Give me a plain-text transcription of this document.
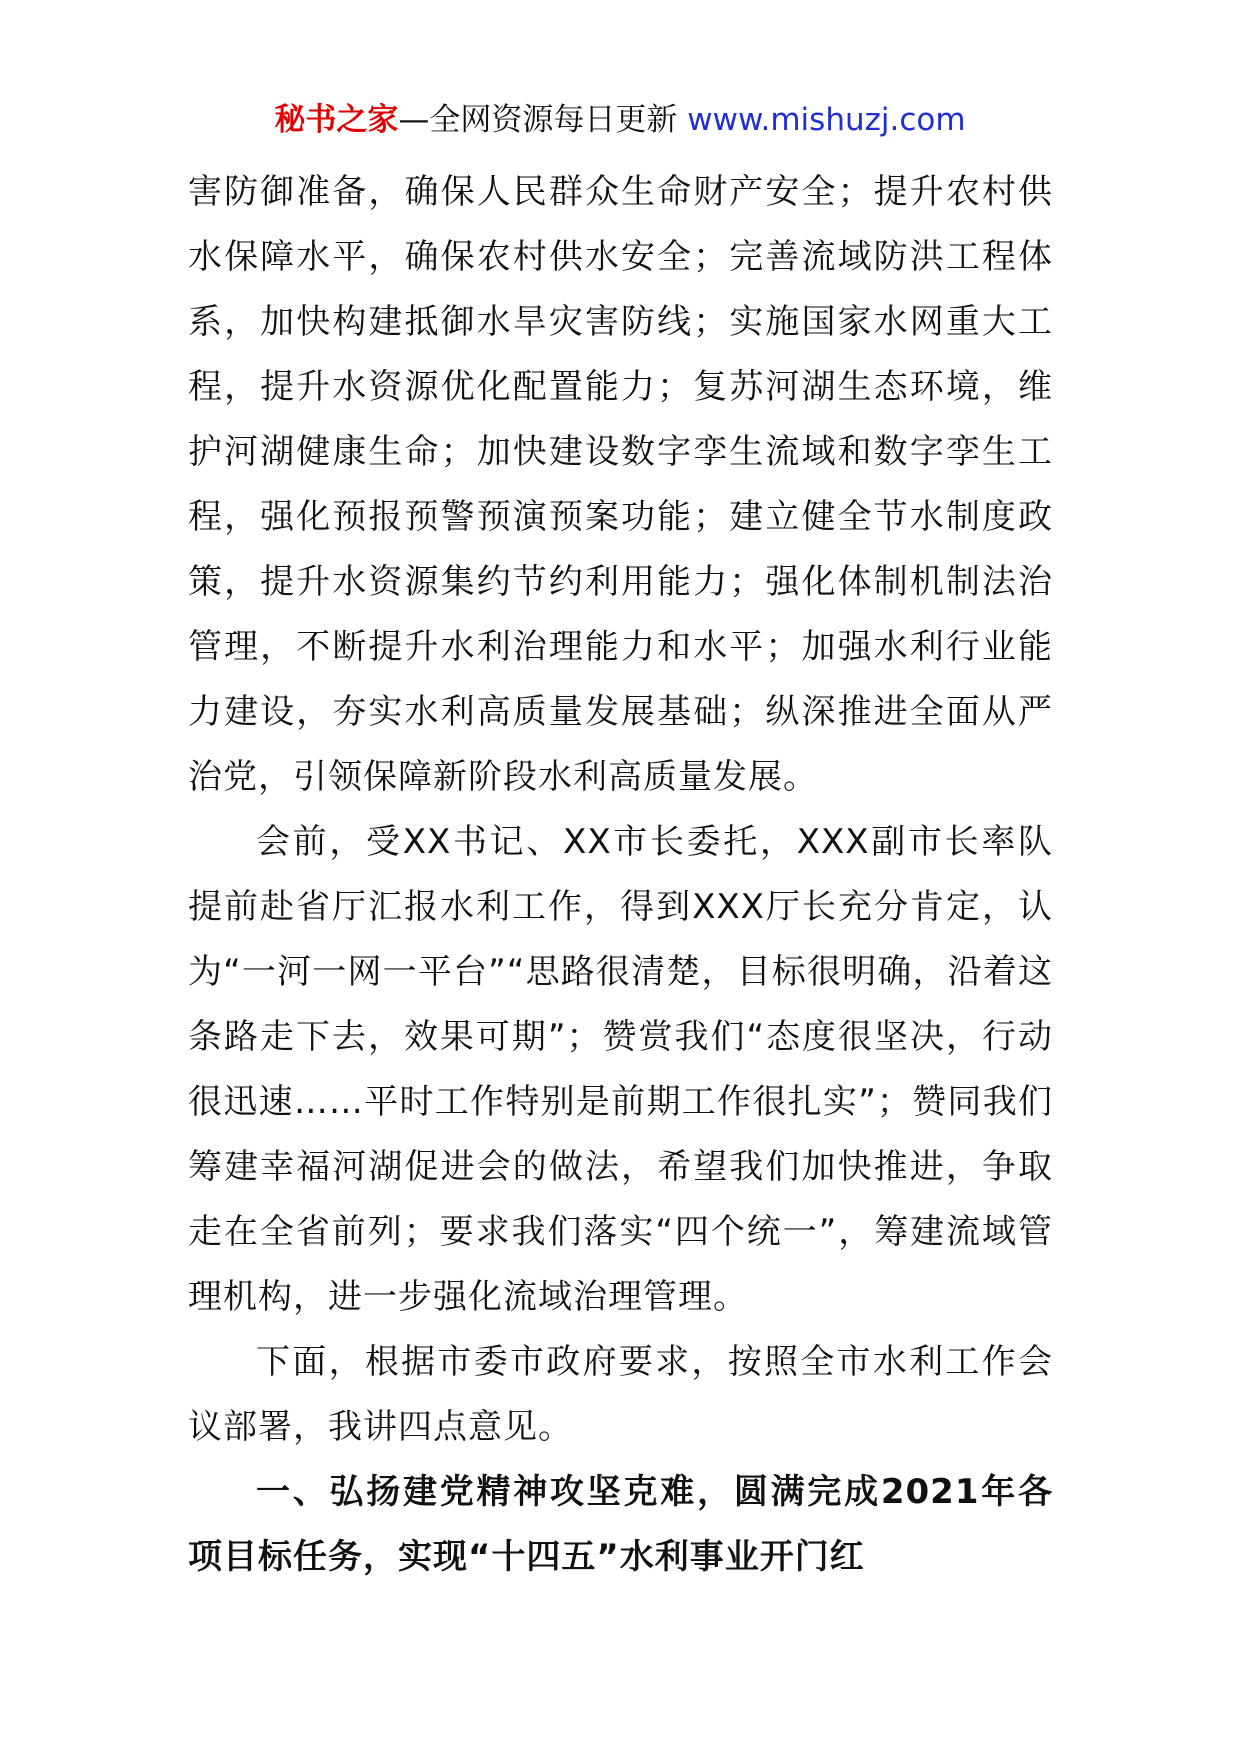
秘书之家—全网资源每日更新 www.mishuzj.com

害防御准备，确保人民群众生命财产安全；提升农村供水保障水平，确保农村供水安全；完善流域防洪工程体系，加快构建抵御水旱灾害防线；实施国家水网重大工程，提升水资源优化配置能力；复苏河湖生态环境，维护河湖健康生命；加快建设数字孪生流域和数字孪生工程，强化预报预警预演预案功能；建立健全节水制度政策，提升水资源集约节约利用能力；强化体制机制法治管理，不断提升水利治理能力和水平；加强水利行业能力建设，夯实水利高质量发展基础；纵深推进全面从严治党，引领保障新阶段水利高质量发展。

会前，受XX书记、XX市长委托，XXX副市长率队提前赴省厅汇报水利工作，得到XXX厅长充分肯定，认为“一河一网一平台”“思路很清楚，目标很明确，沿着这条路走下去，效果可期”；赞赏我们“态度很坚决，行动很迅速……平时工作特别是前期工作很扎实”；赞同我们筹建幸福河湖促进会的做法，希望我们加快推进，争取走在全省前列；要求我们落实“四个统一”，筹建流域管理机构，进一步强化流域治理管理。

下面，根据市委市政府要求，按照全市水利工作会议部署，我讲四点意见。

一、弘扬建党精神攻坚克难，圆满完成2021年各项目标任务，实现“十四五”水利事业开门红
